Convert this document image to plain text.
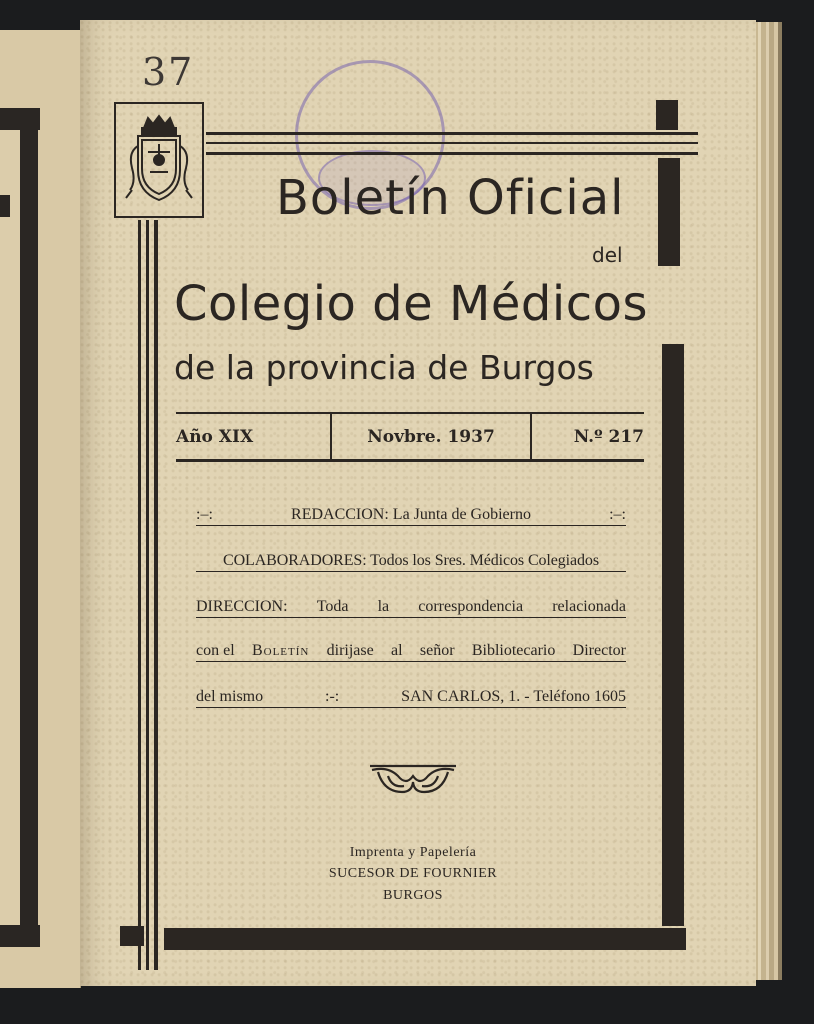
37
Boletín Oficial
del
Colegio de Médicos
de la provincia de Burgos
Año XIX	Novbre. 1937	N.º 217
:–:	REDACCION: La Junta de Gobierno	:–:
COLABORADORES: Todos los Sres. Médicos Colegiados
DIRECCION: Toda la correspondencia relacionada
con el Boletín dirijase al señor Bibliotecario Director
del mismo	:-:	SAN CARLOS, 1. - Teléfono 1605
Imprenta y Papelería
SUCESOR DE FOURNIER
BURGOS
